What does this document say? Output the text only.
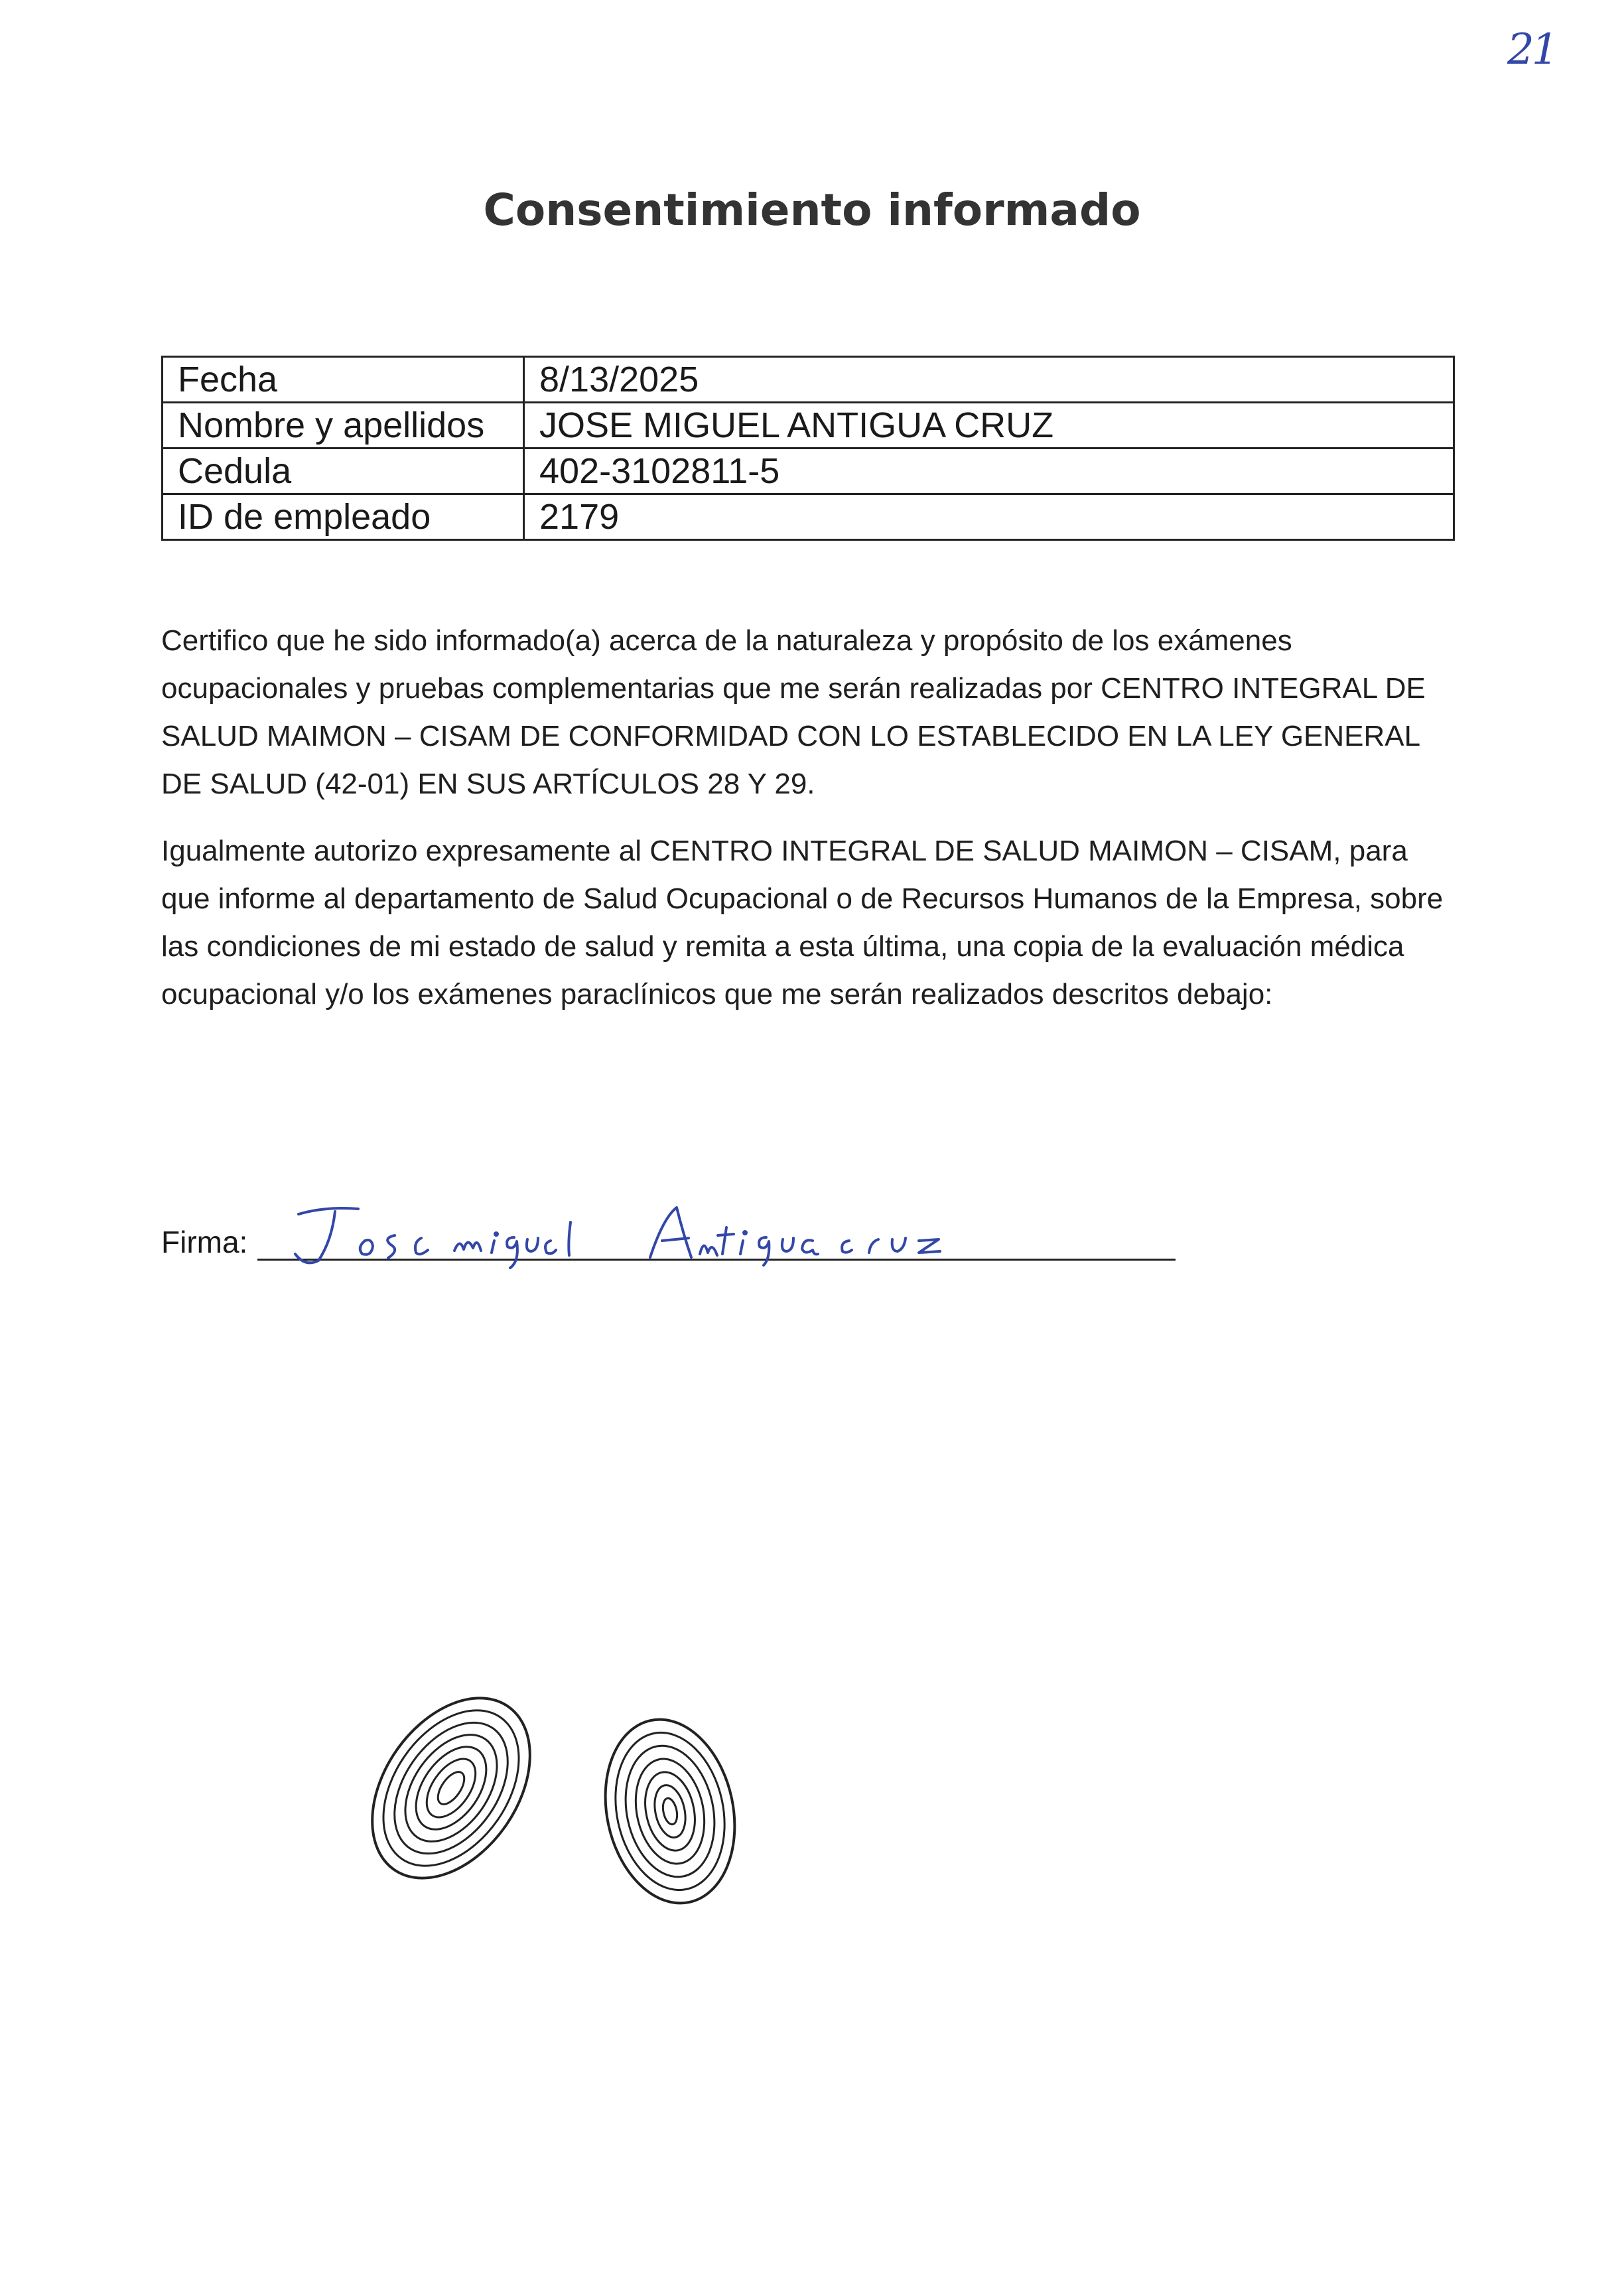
21
Consentimiento informado
Fecha	8/13/2025
Nombre y apellidos	JOSE MIGUEL ANTIGUA CRUZ
Cedula	402-3102811-5
ID de empleado	2179
Certifico que he sido informado(a) acerca de la naturaleza y propósito de los exámenes ocupacionales y pruebas complementarias que me serán realizadas por CENTRO INTEGRAL DE SALUD MAIMON – CISAM DE CONFORMIDAD CON LO ESTABLECIDO EN LA LEY GENERAL DE SALUD (42-01) EN SUS ARTÍCULOS 28 Y 29.
Igualmente autorizo expresamente al CENTRO INTEGRAL DE SALUD MAIMON – CISAM, para que informe al departamento de Salud Ocupacional o de Recursos Humanos de la Empresa, sobre las condiciones de mi estado de salud y remita a esta última, una copia de la evaluación médica ocupacional y/o los exámenes paraclínicos que me serán realizados descritos debajo:
Firma:
